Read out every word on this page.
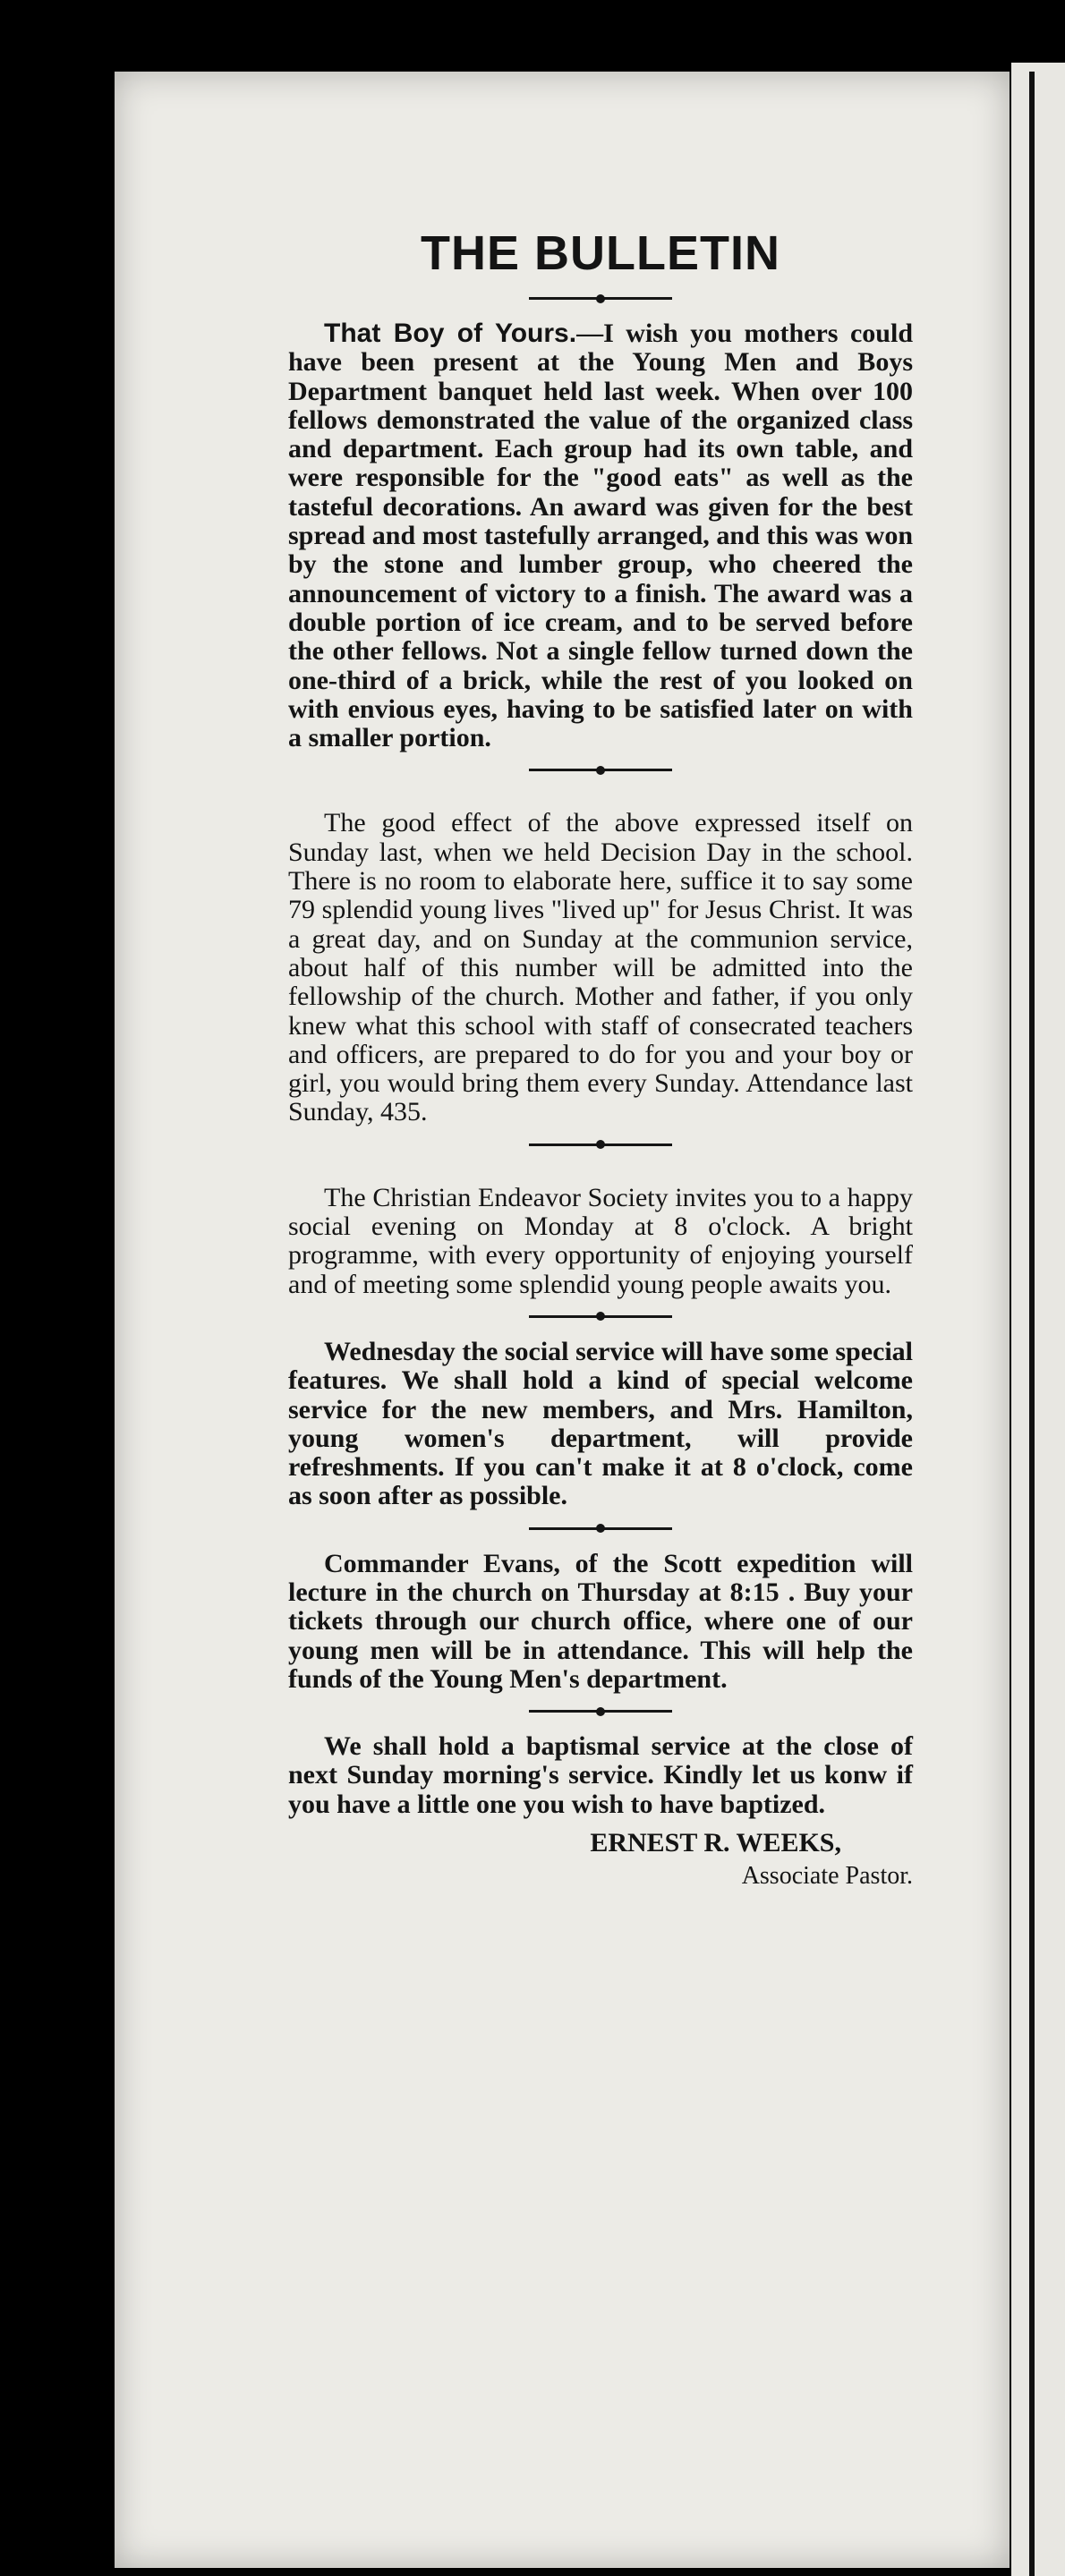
THE BULLETIN

That Boy of Yours.—I wish you mothers could have been present at the Young Men and Boys Department banquet held last week. When over 100 fellows demonstrated the value of the organized class and department. Each group had its own table, and were responsible for the "good eats" as well as the tasteful decorations. An award was given for the best spread and most tastefully arranged, and this was won by the stone and lumber group, who cheered the announcement of victory to a finish. The award was a double portion of ice cream, and to be served before the other fellows. Not a single fellow turned down the one-third of a brick, while the rest of you looked on with envious eyes, having to be satisfied later on with a smaller portion.

The good effect of the above expressed itself on Sunday last, when we held Decision Day in the school. There is no room to elaborate here, suffice it to say some 79 splendid young lives "lived up" for Jesus Christ. It was a great day, and on Sunday at the communion service, about half of this number will be admitted into the fellowship of the church. Mother and father, if you only knew what this school with staff of consecrated teachers and officers, are prepared to do for you and your boy or girl, you would bring them every Sunday. Attendance last Sunday, 435.

The Christian Endeavor Society invites you to a happy social evening on Monday at 8 o'clock. A bright programme, with every opportunity of enjoying yourself and of meeting some splendid young people awaits you.

Wednesday the social service will have some special features. We shall hold a kind of special welcome service for the new members, and Mrs. Hamilton, young women's department, will provide refreshments. If you can't make it at 8 o'clock, come as soon after as possible.

Commander Evans, of the Scott expedition will lecture in the church on Thursday at 8:15 . Buy your tickets through our church office, where one of our young men will be in attendance. This will help the funds of the Young Men's department.

We shall hold a baptismal service at the close of next Sunday morning's service. Kindly let us konw if you have a little one you wish to have baptized.

ERNEST R. WEEKS,
Associate Pastor.
